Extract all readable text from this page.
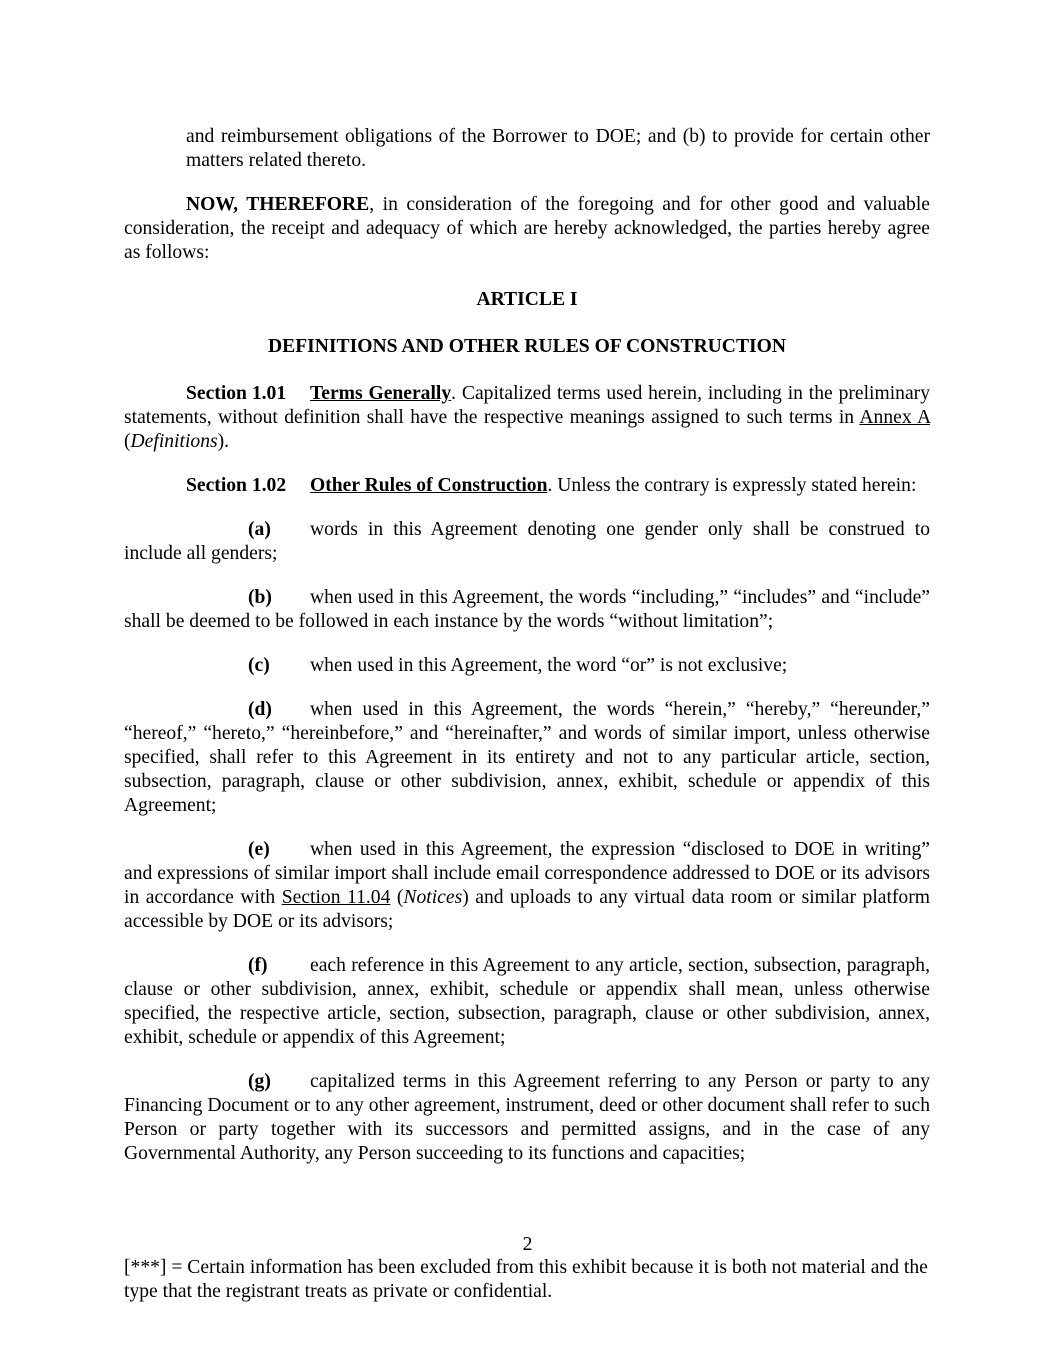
and reimbursement obligations of the Borrower to DOE; and (b) to provide for certain other matters related thereto.

NOW, THEREFORE, in consideration of the foregoing and for other good and valuable consideration, the receipt and adequacy of which are hereby acknowledged, the parties hereby agree as follows:

ARTICLE I

DEFINITIONS AND OTHER RULES OF CONSTRUCTION

Section 1.01 Terms Generally. Capitalized terms used herein, including in the preliminary statements, without definition shall have the respective meanings assigned to such terms in Annex A (Definitions).

Section 1.02 Other Rules of Construction. Unless the contrary is expressly stated herein:

(a) words in this Agreement denoting one gender only shall be construed to include all genders;

(b) when used in this Agreement, the words “including,” “includes” and “include” shall be deemed to be followed in each instance by the words “without limitation”;

(c) when used in this Agreement, the word “or” is not exclusive;

(d) when used in this Agreement, the words “herein,” “hereby,” “hereunder,” “hereof,” “hereto,” “hereinbefore,” and “hereinafter,” and words of similar import, unless otherwise specified, shall refer to this Agreement in its entirety and not to any particular article, section, subsection, paragraph, clause or other subdivision, annex, exhibit, schedule or appendix of this Agreement;

(e) when used in this Agreement, the expression “disclosed to DOE in writing” and expressions of similar import shall include email correspondence addressed to DOE or its advisors in accordance with Section 11.04 (Notices) and uploads to any virtual data room or similar platform accessible by DOE or its advisors;

(f) each reference in this Agreement to any article, section, subsection, paragraph, clause or other subdivision, annex, exhibit, schedule or appendix shall mean, unless otherwise specified, the respective article, section, subsection, paragraph, clause or other subdivision, annex, exhibit, schedule or appendix of this Agreement;

(g) capitalized terms in this Agreement referring to any Person or party to any Financing Document or to any other agreement, instrument, deed or other document shall refer to such Person or party together with its successors and permitted assigns, and in the case of any Governmental Authority, any Person succeeding to its functions and capacities;

2
[***] = Certain information has been excluded from this exhibit because it is both not material and the type that the registrant treats as private or confidential.
